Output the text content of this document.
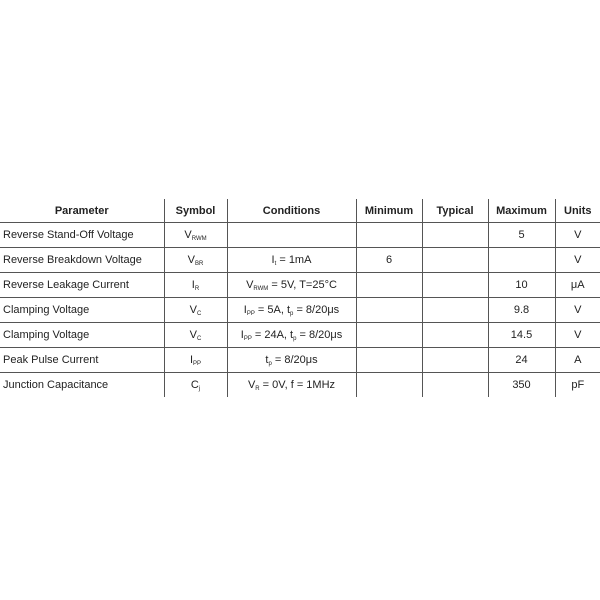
Parameter	Symbol	Conditions	Minimum	Typical	Maximum	Units
Reverse Stand-Off Voltage	$V_{RWM}$				5	V
Reverse Breakdown Voltage	$V_{BR}$	$I_t = 1mA$	6			V
Reverse Leakage Current	$I_R$	$V_{RWM} = 5V$, T=25°C			10	μA
Clamping Voltage	$V_C$	$I_{PP} = 5A$, $t_p = 8/20\mu s$			9.8	V
Clamping Voltage	$V_C$	$I_{PP} = 24A$, $t_p = 8/20\mu s$			14.5	V
Peak Pulse Current	$I_{PP}$	$t_p = 8/20\mu s$			24	A
Junction Capacitance	$C_j$	$V_R = 0V$, f = 1MHz			350	pF
